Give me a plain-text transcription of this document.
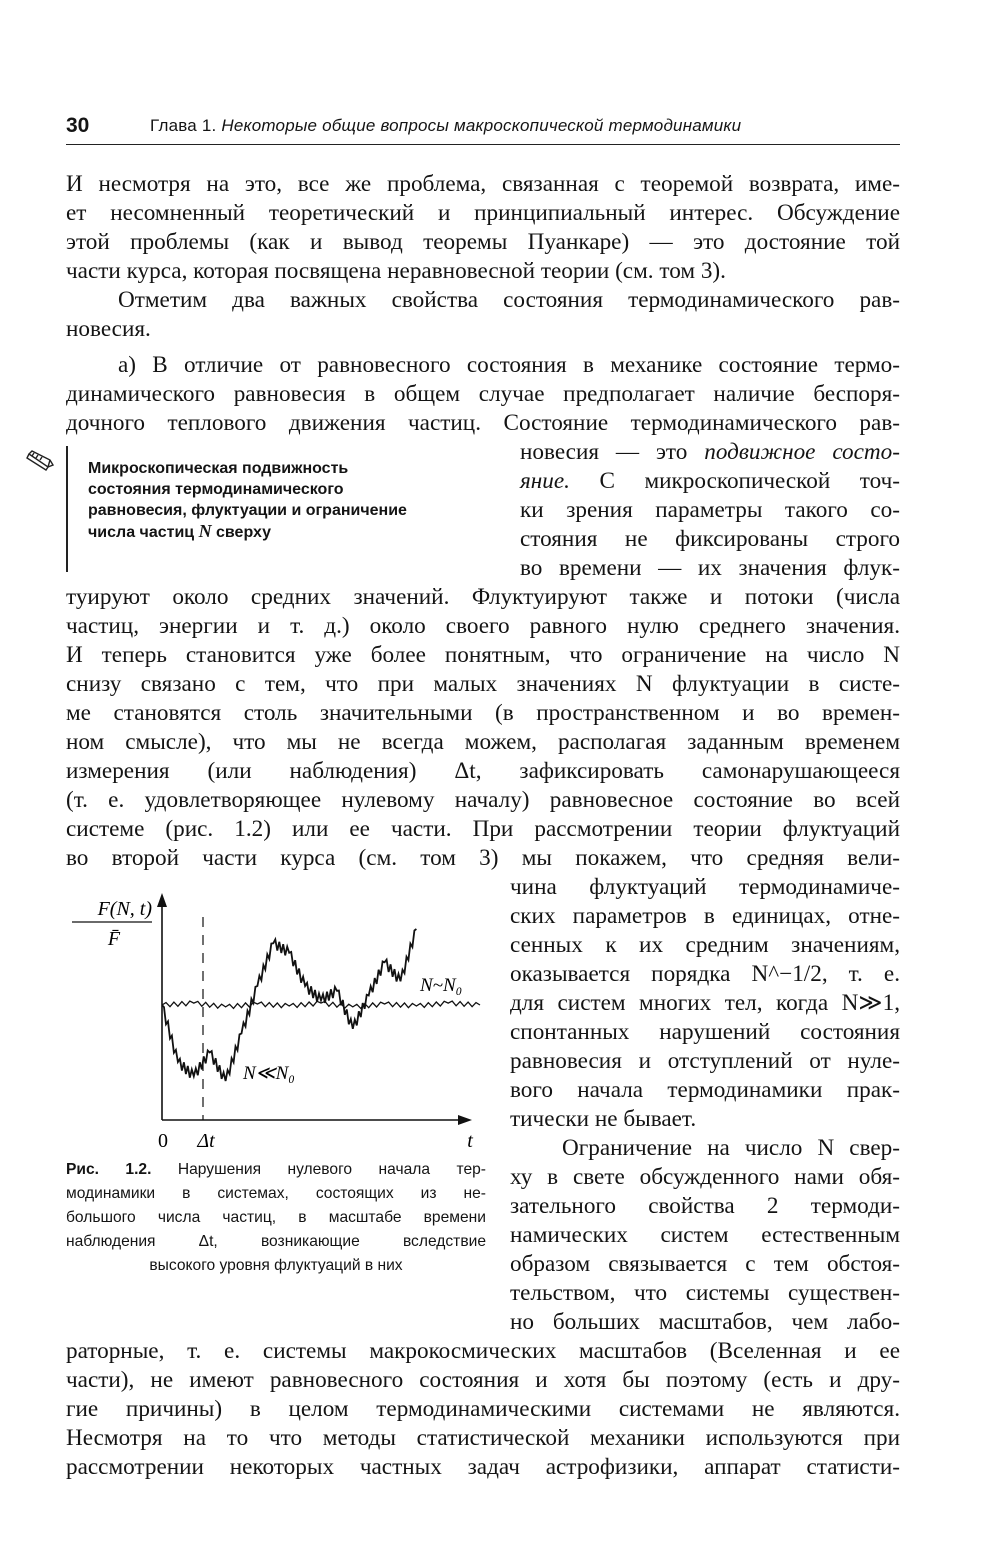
30	Глава 1. Некоторые общие вопросы макроскопической термодинамики
И несмотря на это, все же проблема, связанная с теоремой возврата, име-
ет несомненный теоретический и принципиальный интерес. Обсуждение
этой проблемы (как и вывод теоремы Пуанкаре) — это достояние той
части курса, которая посвящена неравновесной теории (см. том 3).
Отметим два важных свойства состояния термодинамического рав-
новесия.
а) В отличие от равновесного состояния в механике состояние термо-
динамического равновесия в общем случае предполагает наличие беспоря-
дочного теплового движения частиц. Состояние термодинамического рав-
Микроскопическая подвижность
состояния термодинамического
равновесия, флуктуации и ограничение
числа частиц N сверху
новесия — это подвижное состо-
яние. С микроскопической точ-
ки зрения параметры такого со-
стояния не фиксированы строго
во времени — их значения флук-
туируют около средних значений. Флуктуируют также и потоки (числа
частиц, энергии и т. д.) около своего равного нулю среднего значения.
И теперь становится уже более понятным, что ограничение на число N
снизу связано с тем, что при малых значениях N флуктуации в систе-
ме становятся столь значительными (в пространственном и во времен-
ном смысле), что мы не всегда можем, располагая заданным временем
измерения (или наблюдения) Δt, зафиксировать самонарушающееся
(т. е. удовлетворяющее нулевому началу) равновесное состояние во всей
системе (рис. 1.2) или ее части. При рассмотрении теории флуктуаций
во второй части курса (см. том 3) мы покажем, что средняя вели-
чина флуктуаций термодинамиче-
ских параметров в единицах, отне-
сенных к их средним значениям,
оказывается порядка N^−1/2, т. е.
для систем многих тел, когда N≫1,
спонтанных нарушений состояния
равновесия и отступлений от нуле-
вого начала термодинамики прак-
тически не бывает.
Ограничение на число N свер-
ху в свете обсужденного нами обя-
зательного свойства 2 термоди-
намических систем естественным
образом связывается с тем обстоя-
тельством, что системы существен-
но больших масштабов, чем лабо-
раторные, т. е. системы макрокосмических масштабов (Вселенная и ее
части), не имеют равновесного состояния и хотя бы поэтому (есть и дру-
гие причины) в целом термодинамическими системами не являются.
Несмотря на то что методы статистической механики используются при
рассмотрении некоторых частных задач астрофизики, аппарат статисти-
F(N, t)
F̄
0 Δt	t
N~N₀
N≪N₀
Рис. 1.2. Нарушения нулевого начала тер-
модинамики в системах, состоящих из не-
большого числа частиц, в масштабе времени
наблюдения Δt, возникающие вследствие
высокого уровня флуктуаций в них
